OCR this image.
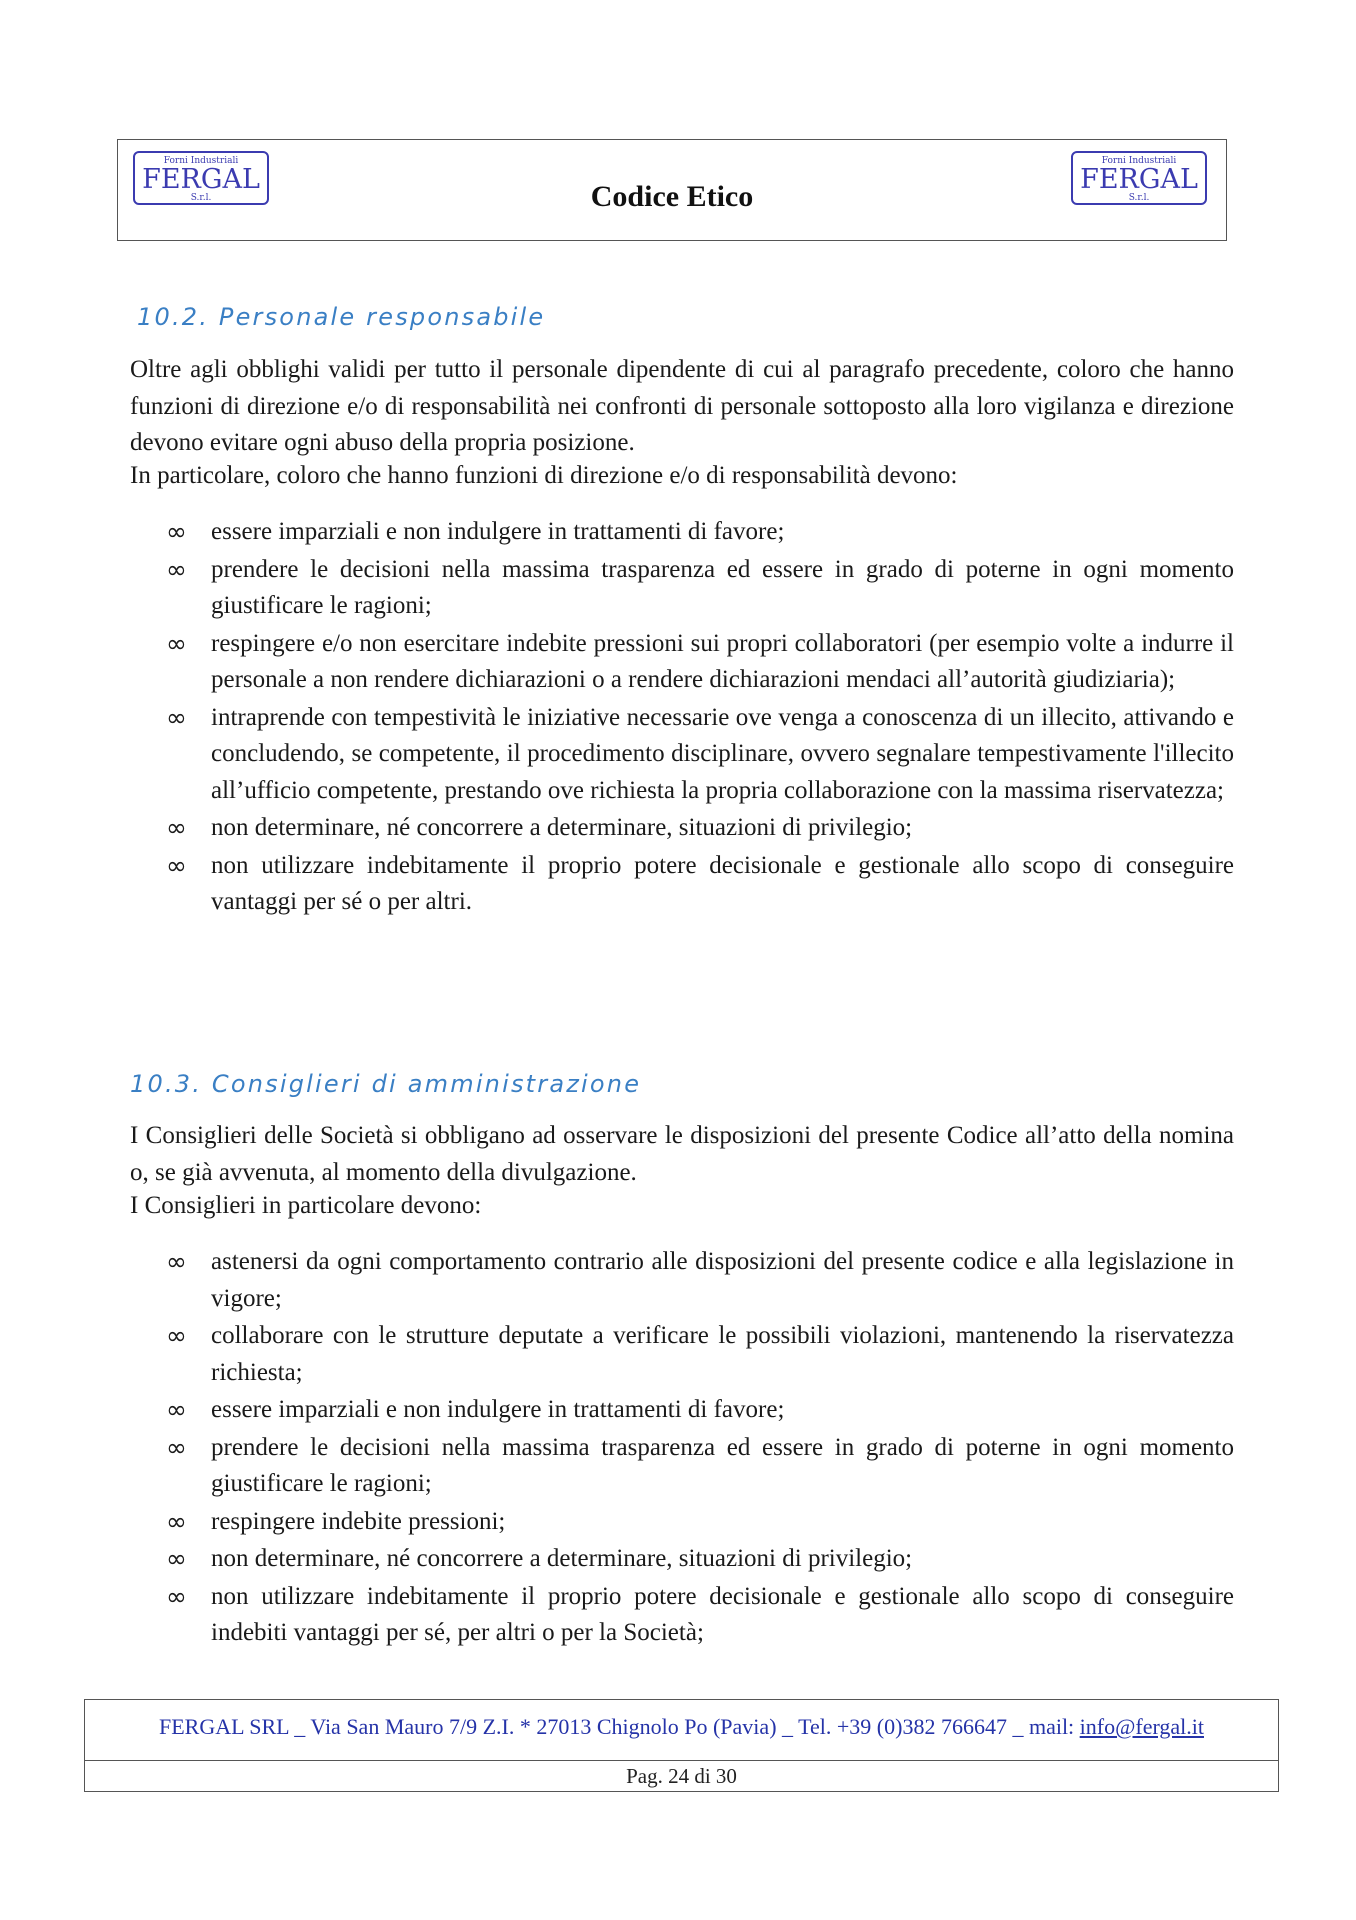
Forni Industriali
FERGAL
S.r.l.	Codice Etico
Forni Industriali
FERGAL
S.r.l.
10.2. Personale responsabile

Oltre agli obblighi validi per tutto il personale dipendente di cui al paragrafo precedente, coloro che hanno funzioni di direzione e/o di responsabilità nei confronti di personale sottoposto alla loro vigilanza e direzione devono evitare ogni abuso della propria posizione.

In particolare, coloro che hanno funzioni di direzione e/o di responsabilità devono:
∞ essere imparziali e non indulgere in trattamenti di favore;
∞ prendere le decisioni nella massima trasparenza ed essere in grado di poterne in ogni momento giustificare le ragioni;
∞ respingere e/o non esercitare indebite pressioni sui propri collaboratori (per esempio volte a indurre il personale a non rendere dichiarazioni o a rendere dichiarazioni mendaci all’autorità giudiziaria);
∞ intraprende con tempestività le iniziative necessarie ove venga a conoscenza di un illecito, attivando e concludendo, se competente, il procedimento disciplinare, ovvero segnalare tempestivamente l'illecito all’ufficio competente, prestando ove richiesta la propria collaborazione con la massima riservatezza;
∞ non determinare, né concorrere a determinare, situazioni di privilegio;
∞ non utilizzare indebitamente il proprio potere decisionale e gestionale allo scopo di conseguire vantaggi per sé o per altri.
10.3. Consiglieri di amministrazione

I Consiglieri delle Società si obbligano ad osservare le disposizioni del presente Codice all’atto della nomina o, se già avvenuta, al momento della divulgazione.

I Consiglieri in particolare devono:
∞ astenersi da ogni comportamento contrario alle disposizioni del presente codice e alla legislazione in vigore;
∞ collaborare con le strutture deputate a verificare le possibili violazioni, mantenendo la riservatezza richiesta;
∞ essere imparziali e non indulgere in trattamenti di favore;
∞ prendere le decisioni nella massima trasparenza ed essere in grado di poterne in ogni momento giustificare le ragioni;
∞ respingere indebite pressioni;
∞ non determinare, né concorrere a determinare, situazioni di privilegio;
∞ non utilizzare indebitamente il proprio potere decisionale e gestionale allo scopo di conseguire indebiti vantaggi per sé, per altri o per la Società;
FERGAL SRL _ Via San Mauro 7/9 Z.I. * 27013 Chignolo Po (Pavia) _ Tel. +39 (0)382 766647 _ mail: info@fergal.it
Pag. 24 di 30
